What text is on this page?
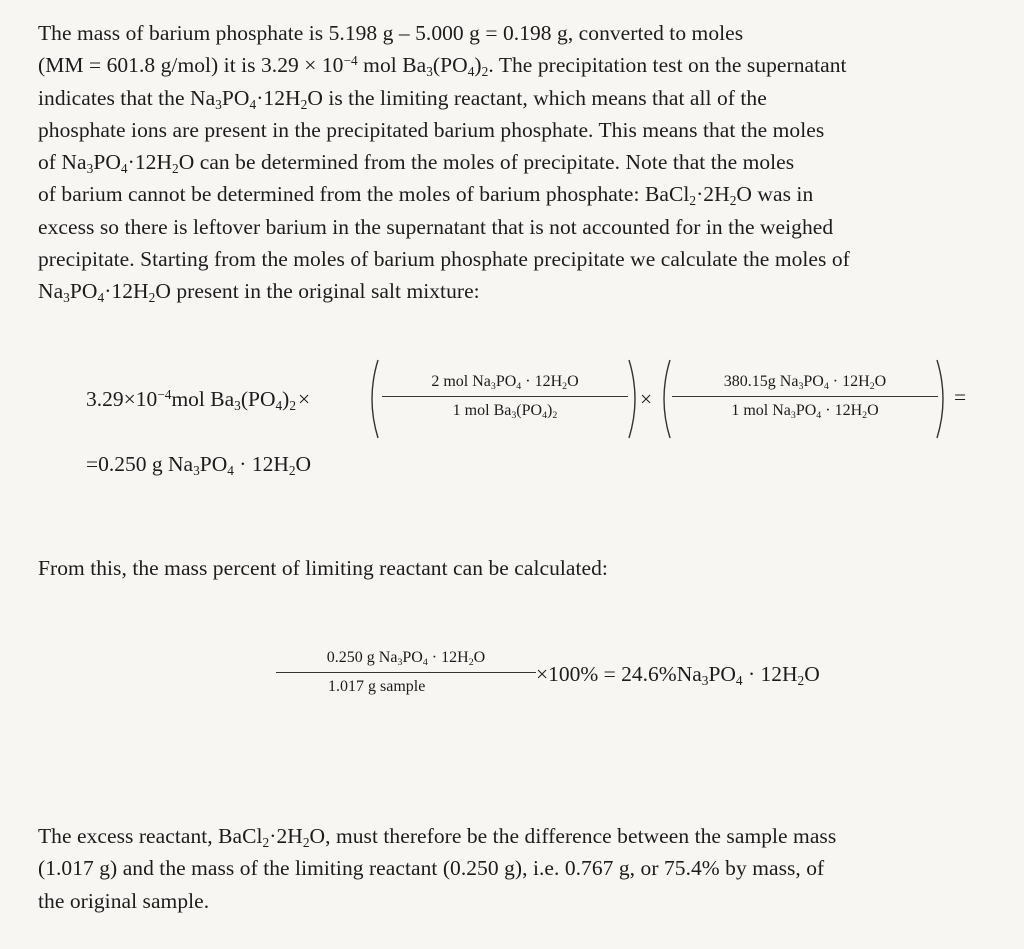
The mass of barium phosphate is 5.198 g – 5.000 g = 0.198 g, converted to moles
(MM = 601.8 g/mol) it is $3.29 \times 10^{-4}$ mol $Ba_3(PO_4)_2$. The precipitation test on the supernatant
indicates that the $Na_3PO_4\cdot 12H_2O$ is the limiting reactant, which means that all of the
phosphate ions are present in the precipitated barium phosphate. This means that the moles
of $Na_3PO_4\cdot 12H_2O$ can be determined from the moles of precipitate. Note that the moles
of barium cannot be determined from the moles of barium phosphate: $BaCl_2\cdot 2H_2O$ was in
excess so there is leftover barium in the supernatant that is not accounted for in the weighed
precipitate. Starting from the moles of barium phosphate precipitate we calculate the moles of
$Na_3PO_4\cdot 12H_2O$ present in the original salt mixture:
$3.29\times 10^{-4}mol$ $Ba_3(PO_4)_2\times$
2 mol $Na_3PO_4 \cdot 12H_2O$
1 mol $Ba_3(PO_4)_2$
×
380.15g $Na_3PO_4 \cdot 12H_2O$
1 mol $Na_3PO_4 \cdot 12H_2O$
=
=0.250 g $Na_3PO_4 \cdot 12H_2O$
From this, the mass percent of limiting reactant can be calculated:
0.250 g $Na_3PO_4 \cdot 12H_2O$
1.017 g sample
$\times 100\% = 24.6\%Na_3PO_4 \cdot 12H_2O$
The excess reactant, $BaCl_2\cdot 2H_2O$, must therefore be the difference between the sample mass
(1.017 g) and the mass of the limiting reactant (0.250 g), i.e. 0.767 g, or 75.4% by mass, of
the original sample.
